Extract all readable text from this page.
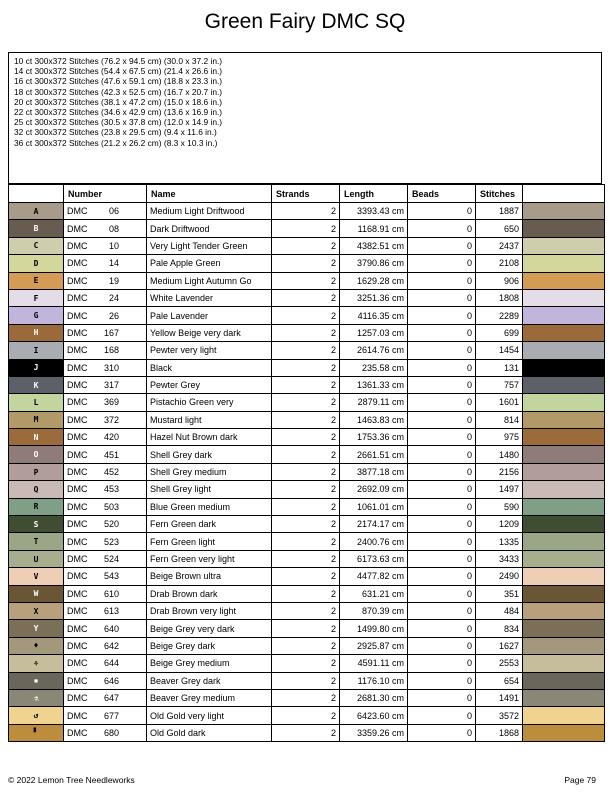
Green Fairy DMC SQ
10 ct 300x372 Stitches (76.2 x 94.5 cm) (30.0 x 37.2 in.)
14 ct 300x372 Stitches (54.4 x 67.5 cm) (21.4 x 26.6 in.)
16 ct 300x372 Stitches (47.6 x 59.1 cm) (18.8 x 23.3 in.)
18 ct 300x372 Stitches (42.3 x 52.5 cm) (16.7 x 20.7 in.)
20 ct 300x372 Stitches (38.1 x 47.2 cm) (15.0 x 18.6 in.)
22 ct 300x372 Stitches (34.6 x 42.9 cm) (13.6 x 16.9 in.)
25 ct 300x372 Stitches (30.5 x 37.8 cm) (12.0 x 14.9 in.)
32 ct 300x372 Stitches (23.8 x 29.5 cm) (9.4 x 11.6 in.)
36 ct 300x372 Stitches (21.2 x 26.2 cm) (8.3 x 10.3 in.)
	Number	Name	Strands	Length	Beads	Stitches	
A	DMC 06	Medium Light Driftwood	2	3393.43 cm	0	1887	
B	DMC 08	Dark Driftwood	2	1168.91 cm	0	650	
C	DMC 10	Very Light Tender Green	2	4382.51 cm	0	2437	
D	DMC 14	Pale Apple Green	2	3790.86 cm	0	2108	
E	DMC 19	Medium Light Autumn Go	2	1629.28 cm	0	906	
F	DMC 24	White Lavender	2	3251.36 cm	0	1808	
G	DMC 26	Pale Lavender	2	4116.35 cm	0	2289	
H	DMC 167	Yellow Beige very dark	2	1257.03 cm	0	699	
I	DMC 168	Pewter very light	2	2614.76 cm	0	1454	
J	DMC 310	Black	2	235.58 cm	0	131	
K	DMC 317	Pewter Grey	2	1361.33 cm	0	757	
L	DMC 369	Pistachio Green very	2	2879.11 cm	0	1601	
M	DMC 372	Mustard light	2	1463.83 cm	0	814	
N	DMC 420	Hazel Nut Brown dark	2	1753.36 cm	0	975	
O	DMC 451	Shell Grey dark	2	2661.51 cm	0	1480	
P	DMC 452	Shell Grey medium	2	3877.18 cm	0	2156	
Q	DMC 453	Shell Grey light	2	2692.09 cm	0	1497	
R	DMC 503	Blue Green medium	2	1061.01 cm	0	590	
S	DMC 520	Fern Green dark	2	2174.17 cm	0	1209	
T	DMC 523	Fern Green light	2	2400.76 cm	0	1335	
U	DMC 524	Fern Green very light	2	6173.63 cm	0	3433	
V	DMC 543	Beige Brown ultra	2	4477.82 cm	0	2490	
W	DMC 610	Drab Brown dark	2	631.21 cm	0	351	
X	DMC 613	Drab Brown very light	2	870.39 cm	0	484	
Y	DMC 640	Beige Grey very dark	2	1499.80 cm	0	834	
♦	DMC 642	Beige Grey dark	2	2925.87 cm	0	1627	
⚘	DMC 644	Beige Grey medium	2	4591.11 cm	0	2553	
▪	DMC 646	Beaver Grey dark	2	1176.10 cm	0	654	
⚗	DMC 647	Beaver Grey medium	2	2681.30 cm	0	1491	
↺	DMC 677	Old Gold very light	2	6423.60 cm	0	3572	
▘	DMC 680	Old Gold dark	2	3359.26 cm	0	1868	
© 2022 Lemon Tree Needleworks	Page 79
